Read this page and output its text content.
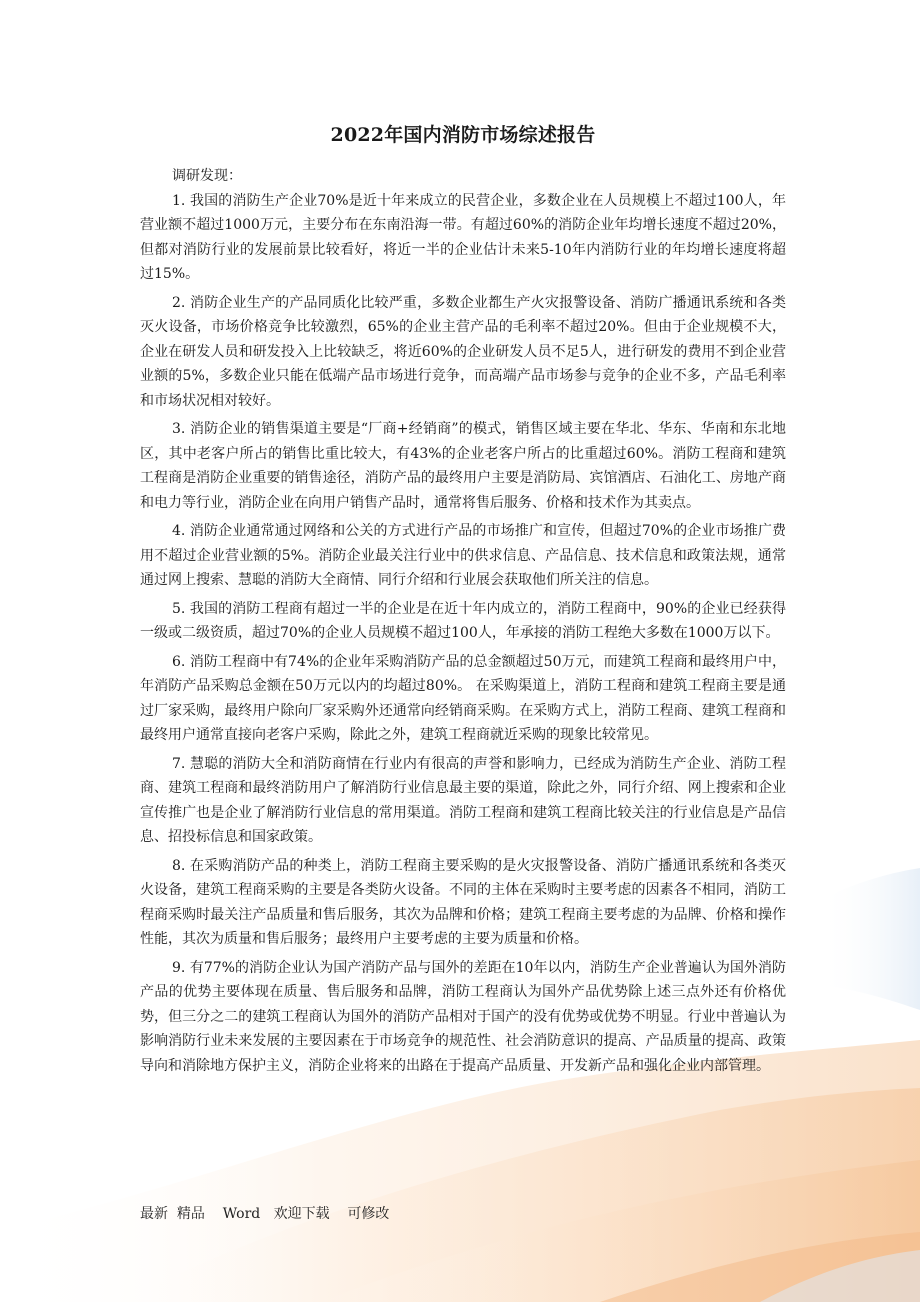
2022年国内消防市场综述报告

调研发现：

1. 我国的消防生产企业70%是近十年来成立的民营企业，多数企业在人员规模上不超过100人，年营业额不超过1000万元，主要分布在东南沿海一带。有超过60%的消防企业年均增长速度不超过20%，但都对消防行业的发展前景比较看好，将近一半的企业估计未来5-10年内消防行业的年均增长速度将超过15%。

2. 消防企业生产的产品同质化比较严重，多数企业都生产火灾报警设备、消防广播通讯系统和各类灭火设备，市场价格竞争比较激烈，65%的企业主营产品的毛利率不超过20%。但由于企业规模不大，企业在研发人员和研发投入上比较缺乏，将近60%的企业研发人员不足5人，进行研发的费用不到企业营业额的5%，多数企业只能在低端产品市场进行竞争，而高端产品市场参与竞争的企业不多，产品毛利率和市场状况相对较好。

3. 消防企业的销售渠道主要是“厂商+经销商”的模式，销售区域主要在华北、华东、华南和东北地区，其中老客户所占的销售比重比较大，有43%的企业老客户所占的比重超过60%。消防工程商和建筑工程商是消防企业重要的销售途径，消防产品的最终用户主要是消防局、宾馆酒店、石油化工、房地产商和电力等行业，消防企业在向用户销售产品时，通常将售后服务、价格和技术作为其卖点。

4. 消防企业通常通过网络和公关的方式进行产品的市场推广和宣传，但超过70%的企业市场推广费用不超过企业营业额的5%。消防企业最关注行业中的供求信息、产品信息、技术信息和政策法规，通常通过网上搜索、慧聪的消防大全商情、同行介绍和行业展会获取他们所关注的信息。

5. 我国的消防工程商有超过一半的企业是在近十年内成立的，消防工程商中，90%的企业已经获得一级或二级资质，超过70%的企业人员规模不超过100人，年承接的消防工程绝大多数在1000万以下。

6. 消防工程商中有74%的企业年采购消防产品的总金额超过50万元，而建筑工程商和最终用户中，年消防产品采购总金额在50万元以内的均超过80%。 在采购渠道上，消防工程商和建筑工程商主要是通过厂家采购，最终用户除向厂家采购外还通常向经销商采购。在采购方式上，消防工程商、建筑工程商和最终用户通常直接向老客户采购，除此之外，建筑工程商就近采购的现象比较常见。

7. 慧聪的消防大全和消防商情在行业内有很高的声誉和影响力，已经成为消防生产企业、消防工程商、建筑工程商和最终消防用户了解消防行业信息最主要的渠道，除此之外，同行介绍、网上搜索和企业宣传推广也是企业了解消防行业信息的常用渠道。消防工程商和建筑工程商比较关注的行业信息是产品信息、招投标信息和国家政策。

8. 在采购消防产品的种类上，消防工程商主要采购的是火灾报警设备、消防广播通讯系统和各类灭火设备，建筑工程商采购的主要是各类防火设备。不同的主体在采购时主要考虑的因素各不相同，消防工程商采购时最关注产品质量和售后服务，其次为品牌和价格；建筑工程商主要考虑的为品牌、价格和操作性能，其次为质量和售后服务；最终用户主要考虑的主要为质量和价格。

9. 有77%的消防企业认为国产消防产品与国外的差距在10年以内，消防生产企业普遍认为国外消防产品的优势主要体现在质量、售后服务和品牌，消防工程商认为国外产品优势除上述三点外还有价格优势，但三分之二的建筑工程商认为国外的消防产品相对于国产的没有优势或优势不明显。行业中普遍认为影响消防行业未来发展的主要因素在于市场竞争的规范性、社会消防意识的提高、产品质量的提高、政策导向和消除地方保护主义，消防企业将来的出路在于提高产品质量、开发新产品和强化企业内部管理。

最新  精品    Word   欢迎下载    可修改
